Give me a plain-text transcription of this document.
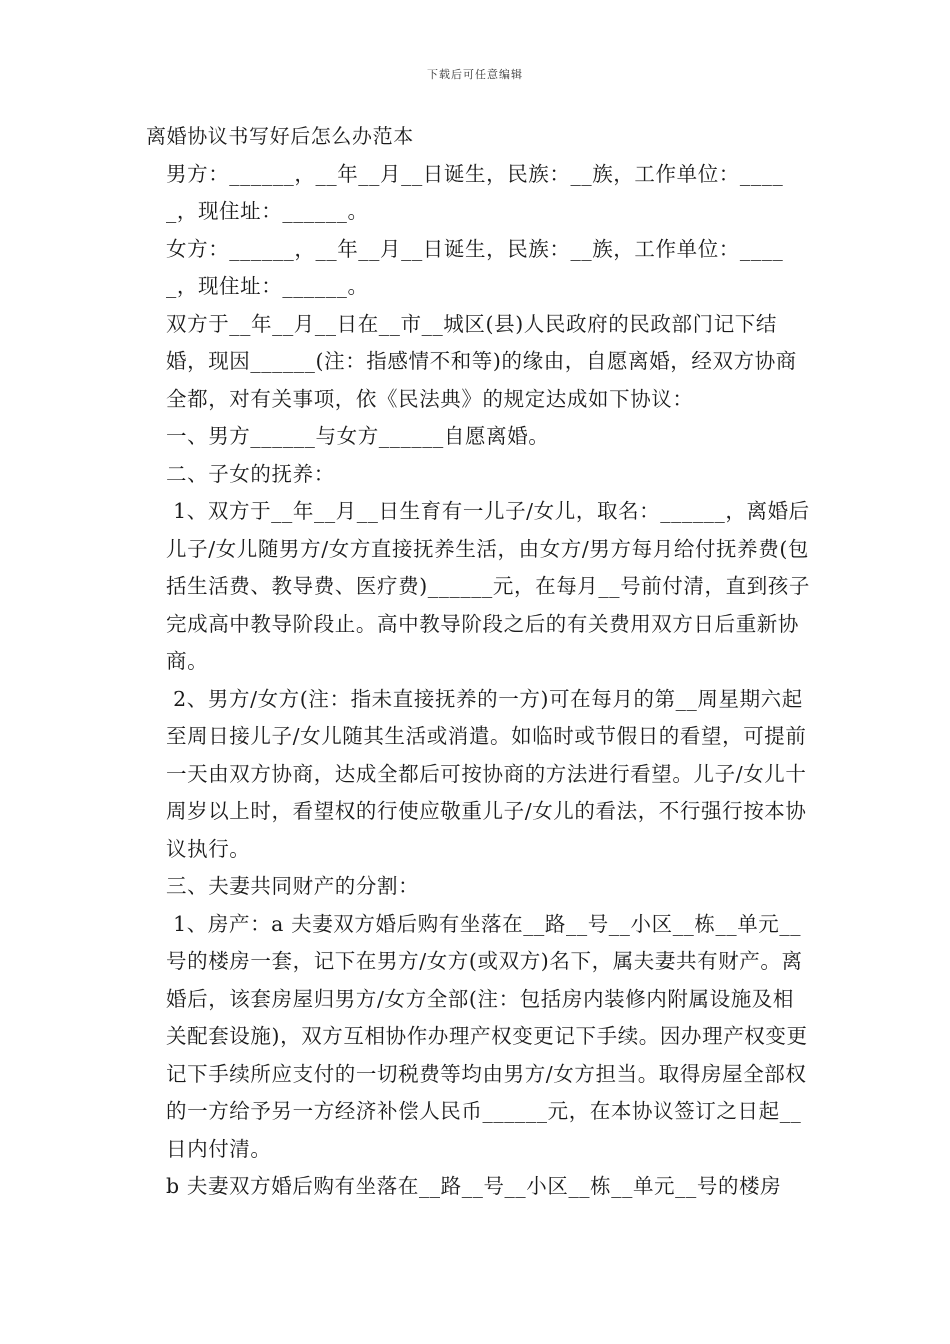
下载后可任意编辑

离婚协议书写好后怎么办范本

男方：______，__年__月__日诞生，民族：__族，工作单位：_____，现住址：______。

女方：______，__年__月__日诞生，民族：__族，工作单位：_____，现住址：______。

双方于__年__月__日在__市__城区(县)人民政府的民政部门记下结婚，现因______(注：指感情不和等)的缘由，自愿离婚，经双方协商全都，对有关事项，依《民法典》的规定达成如下协议：

一、男方______与女方______自愿离婚。

二、子女的抚养：

1、双方于__年__月__日生育有一儿子/女儿，取名：______，离婚后儿子/女儿随男方/女方直接抚养生活，由女方/男方每月给付抚养费(包括生活费、教导费、医疗费)______元，在每月__号前付清，直到孩子完成高中教导阶段止。高中教导阶段之后的有关费用双方日后重新协商。

2、男方/女方(注：指未直接抚养的一方)可在每月的第__周星期六起至周日接儿子/女儿随其生活或消遣。如临时或节假日的看望，可提前一天由双方协商，达成全都后可按协商的方法进行看望。儿子/女儿十周岁以上时，看望权的行使应敬重儿子/女儿的看法，不行强行按本协议执行。

三、夫妻共同财产的分割：

1、房产：a 夫妻双方婚后购有坐落在__路__号__小区__栋__单元__号的楼房一套，记下在男方/女方(或双方)名下，属夫妻共有财产。离婚后，该套房屋归男方/女方全部(注：包括房内装修内附属设施及相关配套设施)，双方互相协作办理产权变更记下手续。因办理产权变更记下手续所应支付的一切税费等均由男方/女方担当。取得房屋全部权的一方给予另一方经济补偿人民币______元，在本协议签订之日起__日内付清。

b 夫妻双方婚后购有坐落在__路__号__小区__栋__单元__号的楼房
